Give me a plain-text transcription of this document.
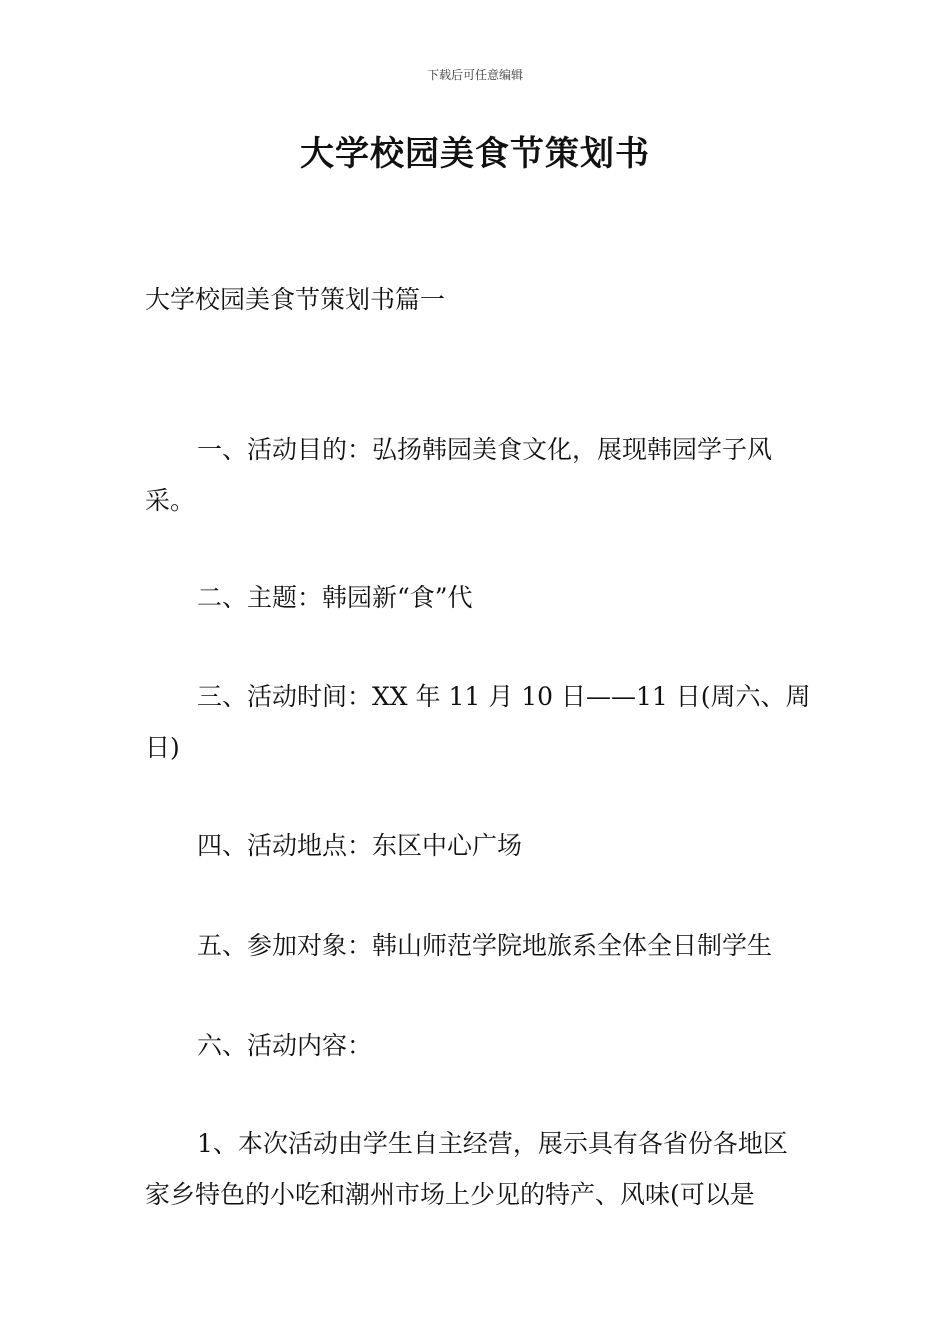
下载后可任意编辑
大学校园美食节策划书

大学校园美食节策划书篇一

一、活动目的：弘扬韩园美食文化，展现韩园学子风
采。

二、主题：韩园新“食”代

三、活动时间：XX 年 11 月 10 日——11 日(周六、周
日)

四、活动地点：东区中心广场

五、参加对象：韩山师范学院地旅系全体全日制学生

六、活动内容：

1、本次活动由学生自主经营，展示具有各省份各地区
家乡特色的小吃和潮州市场上少见的特产、风味(可以是
